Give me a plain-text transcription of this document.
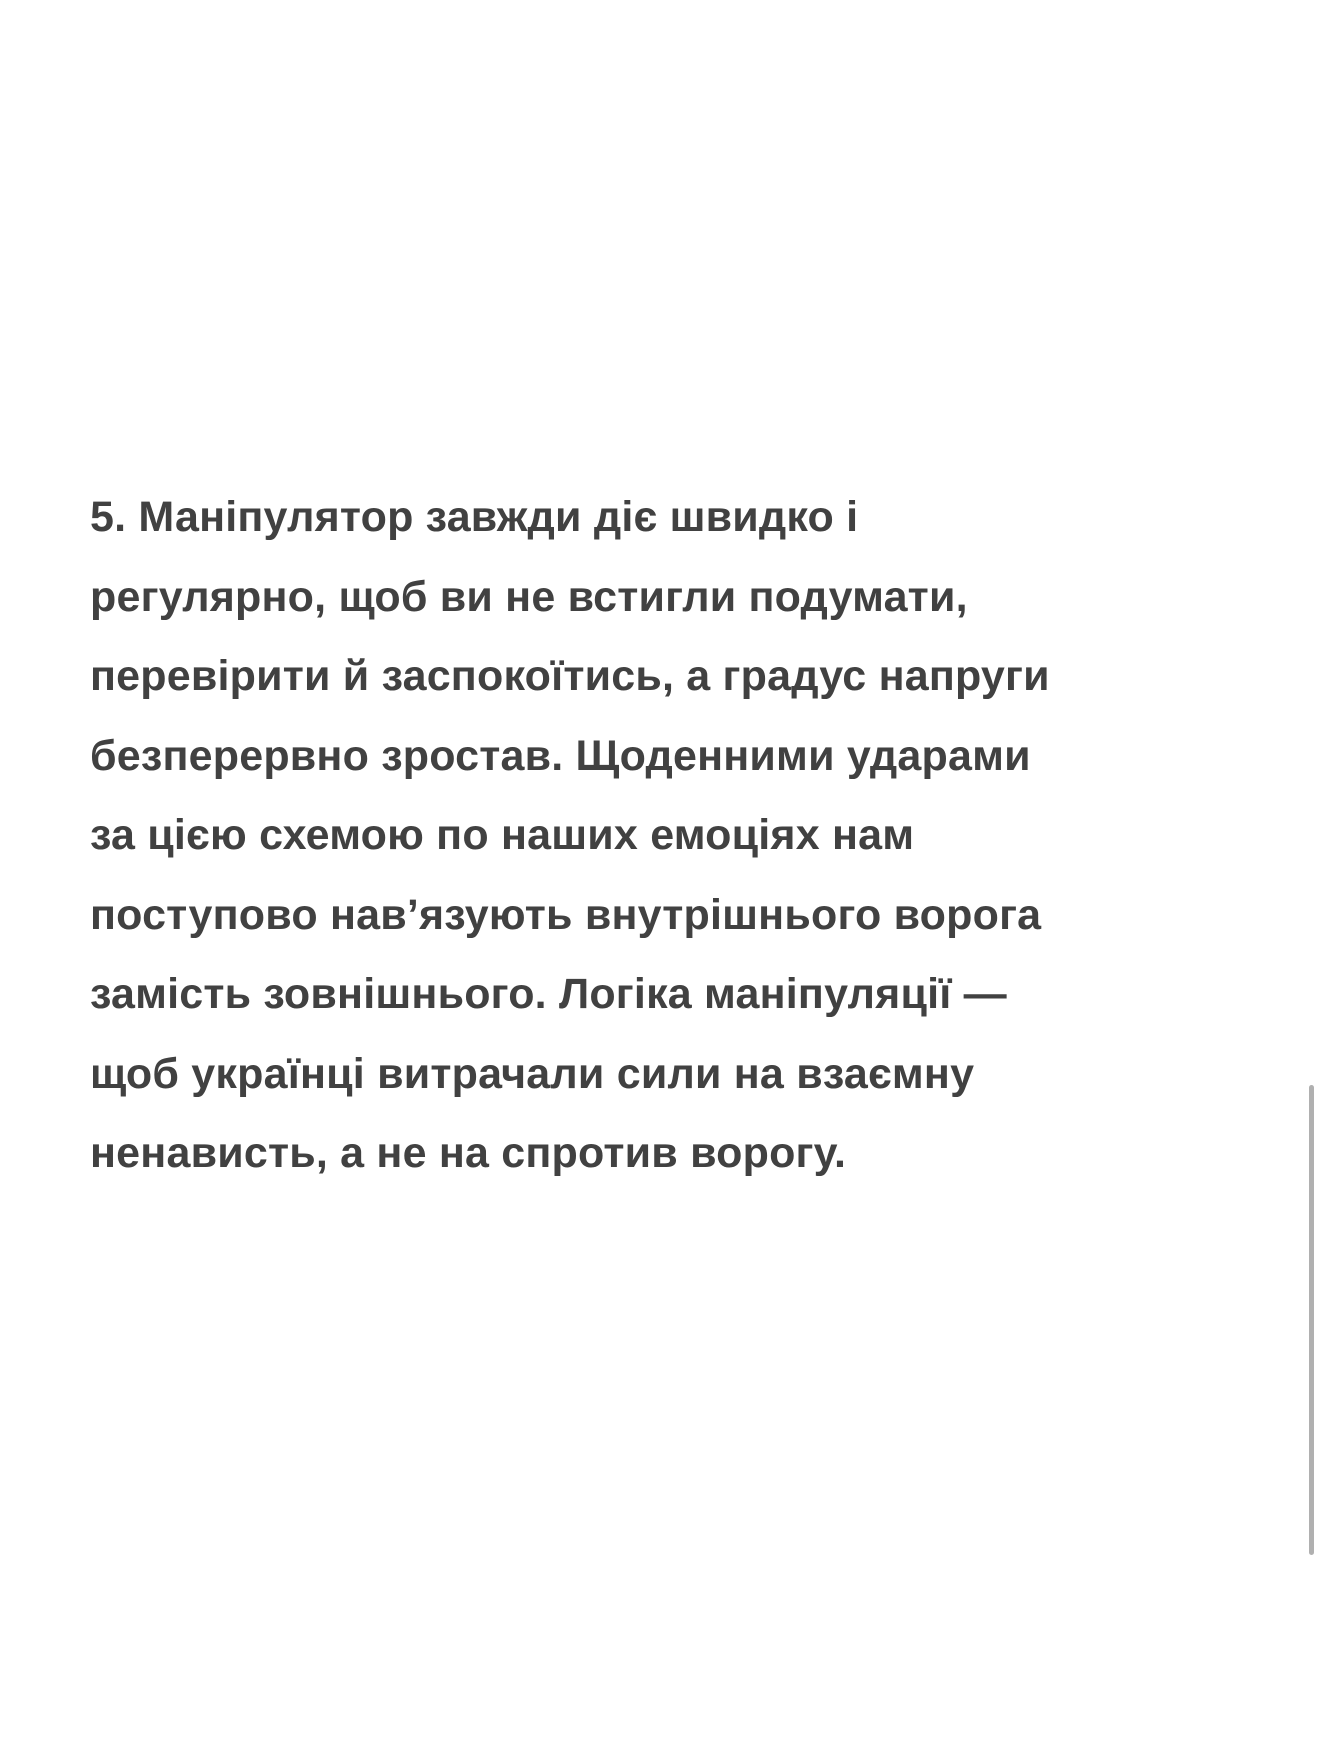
5. Маніпулятор завжди діє швидко і
регулярно, щоб ви не встигли подумати,
перевірити й заспокоїтись, а градус напруги
безперервно зростав. Щоденними ударами
за цією схемою по наших емоціях нам
поступово нав’язують внутрішнього ворога
замість зовнішнього. Логіка маніпуляції —
щоб українці витрачали сили на взаємну
ненависть, а не на спротив ворогу.
